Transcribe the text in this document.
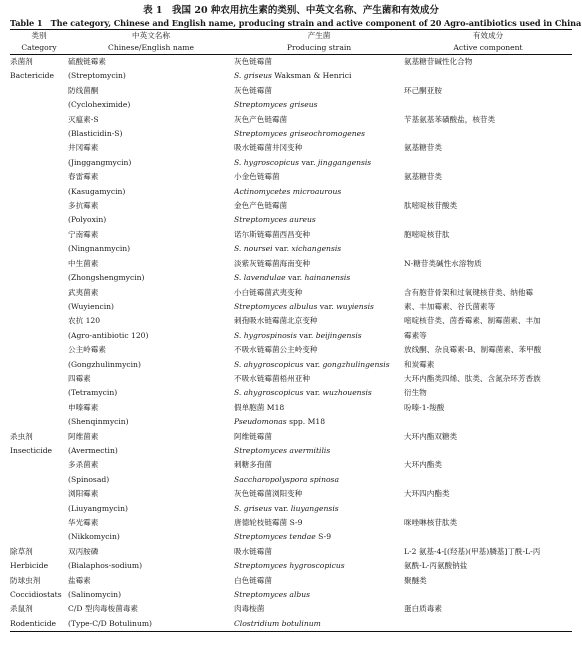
表 1　我国 20 种农用抗生素的类别、中英文名称、产生菌和有效成分
Table 1　The category, Chinese and English name, producing strain and active component of 20 Agro-antibiotics used in China
类别	中英文名称	产生菌	有效成分
Category	Chinese/English name	Producing strain	Active component

杀菌剂	硫酸链霉素	灰色链霉菌	氨基糖苷碱性化合物
Bactericide	(Streptomycin)	S. griseus Waksman & Henrici	
	防线菌酮	灰色链霉菌	环己酮亚胺
	(Cycloheximide)	Streptomyces griseus	
	灭瘟素-S	灰色产色链霉菌	苄基氨基苯磺酸盐，核苷类
	(Blasticidin-S)	Streptomyces griseochromogenes	
	井冈霉素	吸水链霉菌井冈变种	氨基糖苷类
	(Jinggangmycin)	S. hygroscopicus var. jinggangensis	
	春雷霉素	小金色链霉菌	氨基糖苷类
	(Kasugamycin)	Actinomycetes microaurous	
	多抗霉素	金色产色链霉菌	肽嘧啶核苷酸类
	(Polyoxin)	Streptomyces aureus	
	宁南霉素	诺尔斯链霉菌西昌变种	胞嘧啶核苷肽
	(Ningnanmycin)	S. noursei var. xichangensis	
	中生菌素	淡紫灰链霉菌海南变种	N-糖苷类碱性水溶物质
	(Zhongshengmycin)	S. lavendulae var. hainanensis	
	武夷菌素	小白链霉菌武夷变种	含有胞苷骨架和过氧键核苷类、纳他霉
	(Wuyiencin)	Streptomyces albulus var. wuyiensis	素、丰加霉素、谷氏菌素等
	农抗 120	刺孢吸水链霉菌北京变种	嘧啶核苷类、茵香霉素、制霉菌素、丰加
	(Agro-antibiotic 120)	S. hygrospinosis var. beijingensis	霉素等
	公主岭霉素	不吸水链霉菌公主岭变种	放线酮、杂良霉素-B、制霉菌素、苯甲酸
	(Gongzhulinmycin)	S. ahygroscopicus var. gongzhulingensis	和炭霉素
	四霉素	不吸水链霉菌梧州亚种	大环内酯类四烯、肽类、含氮杂环芳香族
	(Tetramycin)	S. ahygroscopicus var. wuzhouensis	衍生物
	申嗪霉素	假单胞菌 M18	吩嗪-1-羧酸
	(Shenqinmycin)	Pseudomonas spp. M18	
杀虫剂	阿维菌素	阿维链霉菌	大环内酯双糖类
Insecticide	(Avermectin)	Streptomyces avermitilis	
	多杀菌素	刺糖多孢菌	大环内酯类
	(Spinosad)	Saccharopolyspora spinosa	
	浏阳霉素	灰色链霉菌浏阳变种	大环四内酯类
	(Liuyangmycin)	S. griseus var. liuyangensis	
	华光霉素	唐德轮枝链霉菌 S-9	咪唑啉核苷肽类
	(Nikkomycin)	Streptomyces tendae S-9	
除草剂	双丙胺磷	吸水链霉菌	L-2 氨基-4-[(羟基)(甲基)膦基]丁酰-L-丙
Herbicide	(Bialaphos-sodium)	Streptomyces hygroscopicus	氨酰-L-丙氨酸钠盐
防球虫剂	盐霉素	白色链霉菌	聚醚类
Coccidiostats	(Salinomycin)	Streptomyces albus	
杀鼠剂	C/D 型肉毒梭菌毒素	肉毒梭菌	蛋白质毒素
Rodenticide	(Type-C/D Botulinum)	Clostridium botulinum	
